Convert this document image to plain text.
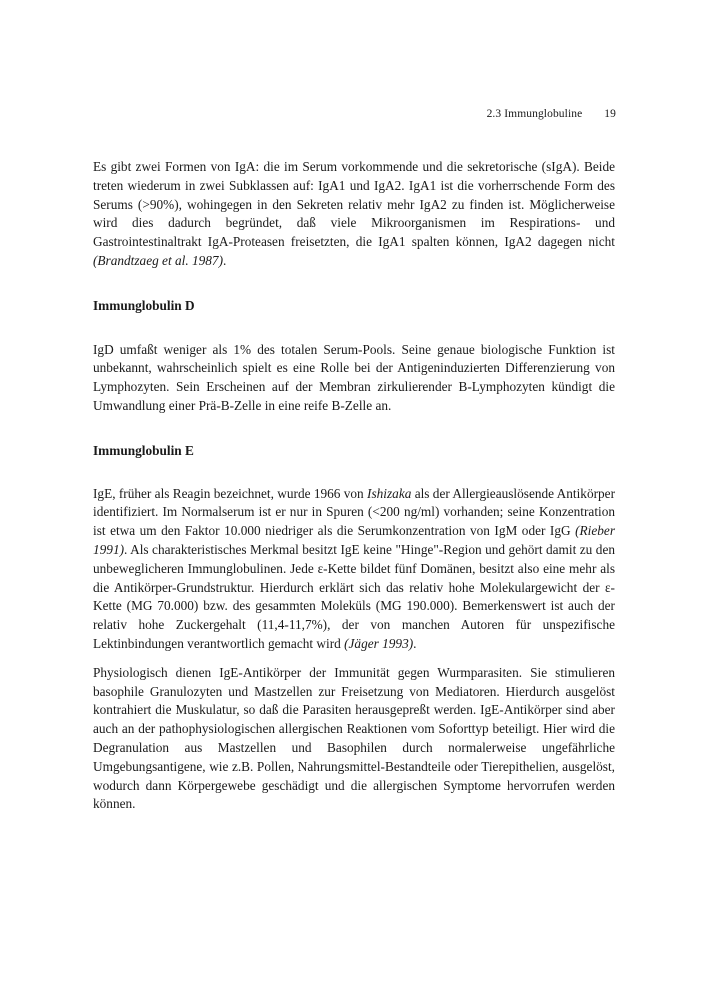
2.3 Immunglobuline 19

Es gibt zwei Formen von IgA: die im Serum vorkommende und die sekretorische (sIgA). Beide treten wiederum in zwei Subklassen auf: IgA1 und IgA2. IgA1 ist die vorherrschende Form des Serums (>90%), wohingegen in den Sekreten relativ mehr IgA2 zu finden ist. Möglicherweise wird dies dadurch begründet, daß viele Mikroorganismen im Respirations- und Gastrointestinaltrakt IgA-Proteasen freisetzten, die IgA1 spalten können, IgA2 dagegen nicht (Brandtzaeg et al. 1987).

Immunglobulin D

IgD umfaßt weniger als 1% des totalen Serum-Pools. Seine genaue biologische Funktion ist unbekannt, wahrscheinlich spielt es eine Rolle bei der Antigeninduzierten Differenzierung von Lymphozyten. Sein Erscheinen auf der Membran zirkulierender B-Lymphozyten kündigt die Umwandlung einer Prä-B-Zelle in eine reife B-Zelle an.

Immunglobulin E

IgE, früher als Reagin bezeichnet, wurde 1966 von Ishizaka als der Allergieauslösende Antikörper identifiziert. Im Normalserum ist er nur in Spuren (<200 ng/ml) vorhanden; seine Konzentration ist etwa um den Faktor 10.000 niedriger als die Serumkonzentration von IgM oder IgG (Rieber 1991). Als charakteristisches Merkmal besitzt IgE keine "Hinge"-Region und gehört damit zu den unbeweglicheren Immunglobulinen. Jede ε-Kette bildet fünf Domänen, besitzt also eine mehr als die Antikörper-Grundstruktur. Hierdurch erklärt sich das relativ hohe Molekulargewicht der ε-Kette (MG 70.000) bzw. des gesammten Moleküls (MG 190.000). Bemerkenswert ist auch der relativ hohe Zuckergehalt (11,4-11,7%), der von manchen Autoren für unspezifische Lektinbindungen verantwortlich gemacht wird (Jäger 1993).

Physiologisch dienen IgE-Antikörper der Immunität gegen Wurmparasiten. Sie stimulieren basophile Granulozyten und Mastzellen zur Freisetzung von Mediatoren. Hierdurch ausgelöst kontrahiert die Muskulatur, so daß die Parasiten herausgepreßt werden. IgE-Antikörper sind aber auch an der pathophysiologischen allergischen Reaktionen vom Soforttyp beteiligt. Hier wird die Degranulation aus Mastzellen und Basophilen durch normalerweise ungefährliche Umgebungsantigene, wie z.B. Pollen, Nahrungsmittel-Bestandteile oder Tierepithelien, ausgelöst, wodurch dann Körpergewebe geschädigt und die allergischen Symptome hervorrufen werden können.
